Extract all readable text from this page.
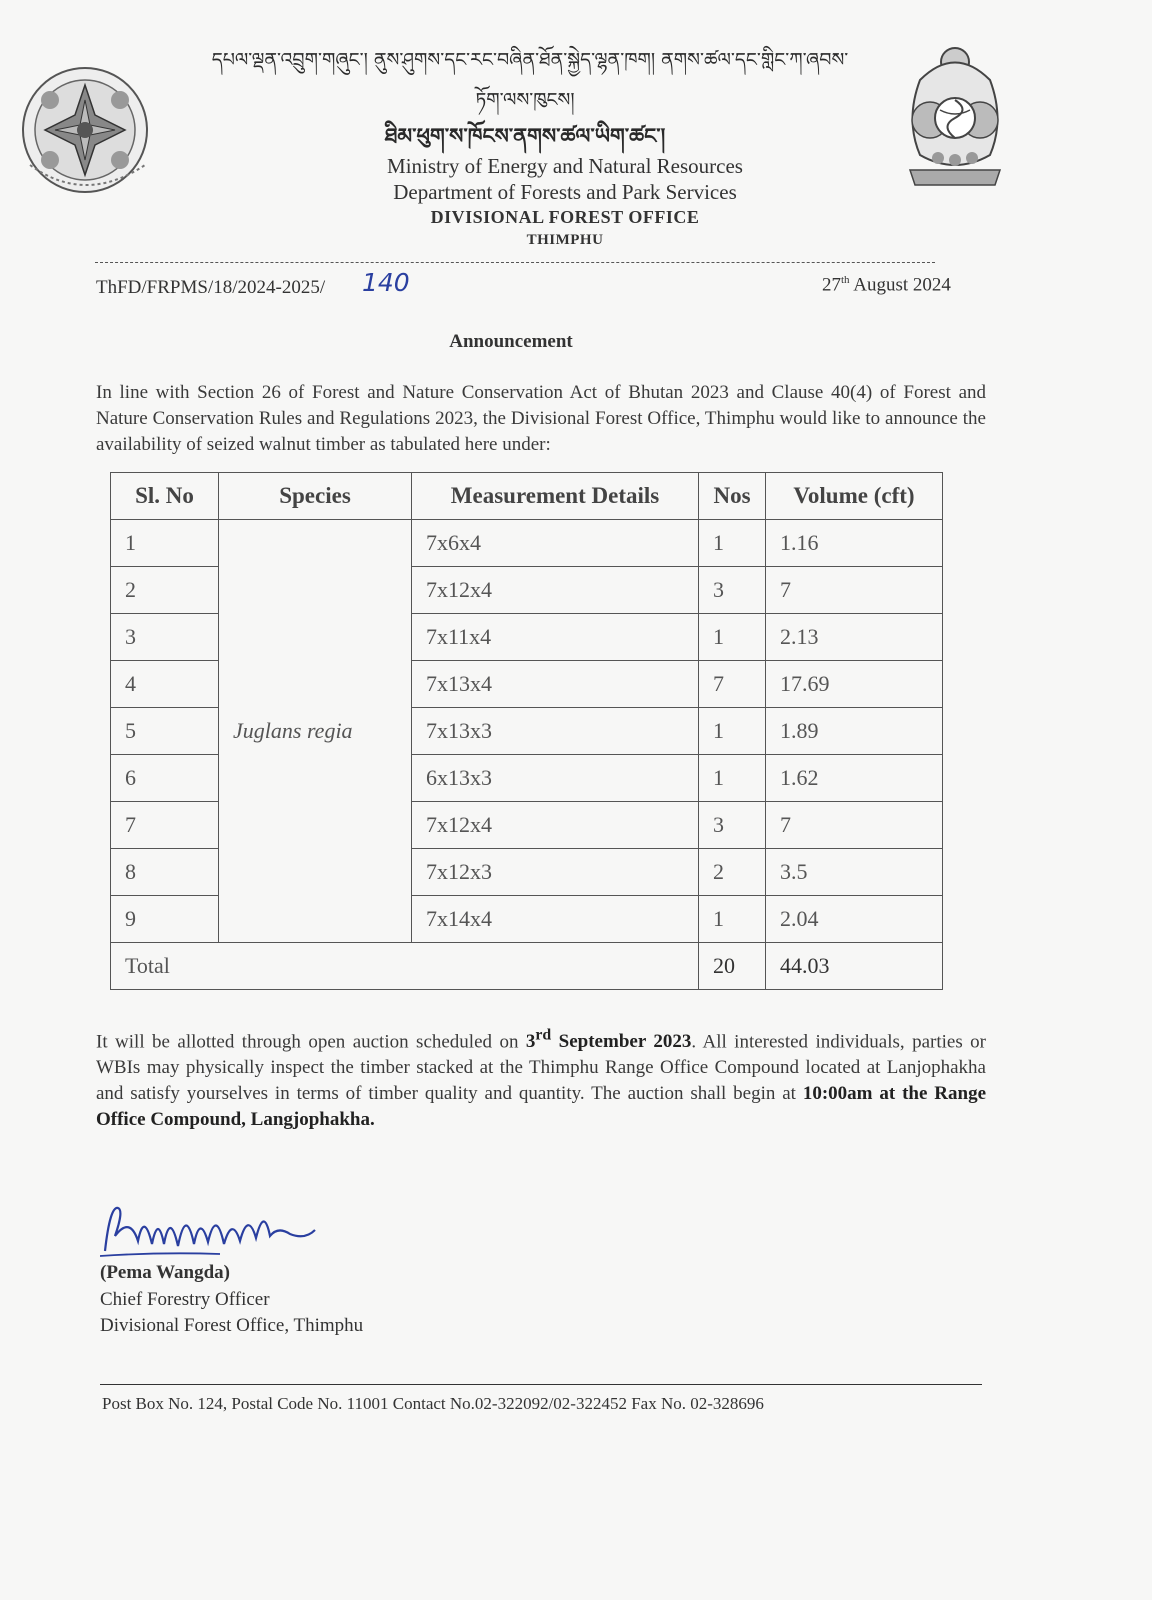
དཔལ་ལྡན་འབྲུག་གཞུང་། ནུས་ཤུགས་དང་རང་བཞིན་ཐོན་སྐྱེད་ལྷན་ཁག། ནགས་ཚལ་དང་གླིང་ཀ་ཞབས་
ཏོག་ལས་ཁུངས།
ཐིམ་ཕུག་ས་ཁོངས་ནགས་ཚལ་ཡིག་ཚང་།
Ministry of Energy and Natural Resources
Department of Forests and Park Services
DIVISIONAL FOREST OFFICE
THIMPHU
ThFD/FRPMS/18/2024-2025/ 140	27th August 2024
Announcement
In line with Section 26 of Forest and Nature Conservation Act of Bhutan 2023 and Clause 40(4) of Forest and Nature Conservation Rules and Regulations 2023, the Divisional Forest Office, Thimphu would like to announce the availability of seized walnut timber as tabulated here under:
Sl. No	Species	Measurement Details	Nos	Volume (cft)
1	Juglans regia	7x6x4	1	1.16
2		7x12x4	3	7
3		7x11x4	1	2.13
4		7x13x4	7	17.69
5		7x13x3	1	1.89
6		6x13x3	1	1.62
7		7x12x4	3	7
8		7x12x3	2	3.5
9		7x14x4	1	2.04
Total			20	44.03
It will be allotted through open auction scheduled on 3rd September 2023. All interested individuals, parties or WBIs may physically inspect the timber stacked at the Thimphu Range Office Compound located at Lanjophakha and satisfy yourselves in terms of timber quality and quantity. The auction shall begin at 10:00am at the Range Office Compound, Langjophakha.
(Pema Wangda)
Chief Forestry Officer
Divisional Forest Office, Thimphu
Post Box No. 124, Postal Code No. 11001 Contact No.02-322092/02-322452 Fax No. 02-328696
